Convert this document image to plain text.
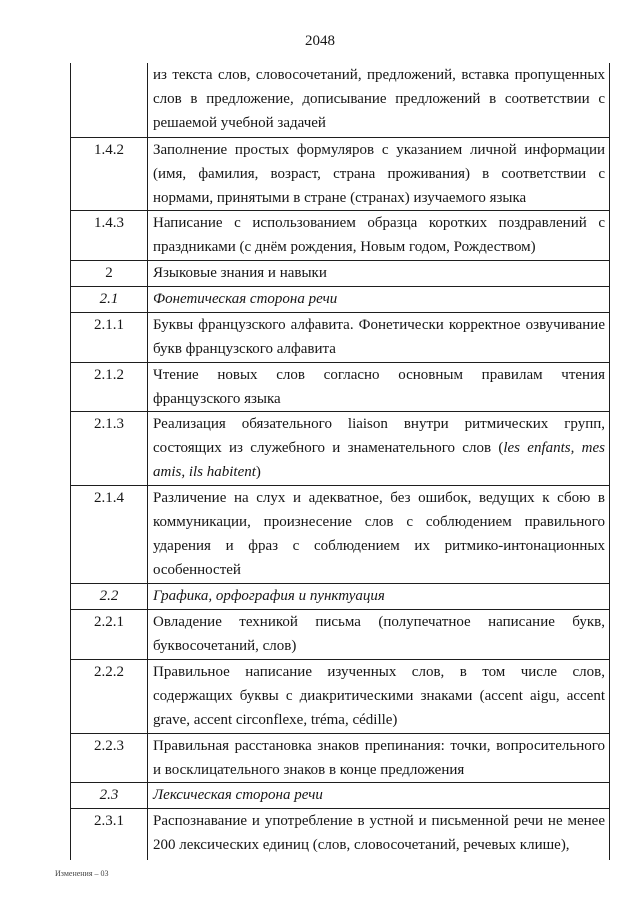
2048
	из текста слов, словосочетаний, предложений, вставка пропущенных слов в предложение, дописывание предложений в соответствии с решаемой учебной задачей
1.4.2	Заполнение простых формуляров с указанием личной информации (имя, фамилия, возраст, страна проживания) в соответствии с нормами, принятыми в стране (странах) изучаемого языка
1.4.3	Написание с использованием образца коротких поздравлений с праздниками (с днём рождения, Новым годом, Рождеством)
2	Языковые знания и навыки
2.1	Фонетическая сторона речи
2.1.1	Буквы французского алфавита. Фонетически корректное озвучивание букв французского алфавита
2.1.2	Чтение новых слов согласно основным правилам чтения французского языка
2.1.3	Реализация обязательного liaison внутри ритмических групп, состоящих из служебного и знаменательного слов (les enfants, mes amis, ils habitent)
2.1.4	Различение на слух и адекватное, без ошибок, ведущих к сбою в коммуникации, произнесение слов с соблюдением правильного ударения и фраз с соблюдением их ритмико-интонационных особенностей
2.2	Графика, орфография и пунктуация
2.2.1	Овладение техникой письма (полупечатное написание букв, буквосочетаний, слов)
2.2.2	Правильное написание изученных слов, в том числе слов, содержащих буквы с диакритическими знаками (accent aigu, accent grave, accent circonflexe, tréma, cédille)
2.2.3	Правильная расстановка знаков препинания: точки, вопросительного и восклицательного знаков в конце предложения
2.3	Лексическая сторона речи
2.3.1	Распознавание и употребление в устной и письменной речи не менее 200 лексических единиц (слов, словосочетаний, речевых клише),
Изменения – 03
